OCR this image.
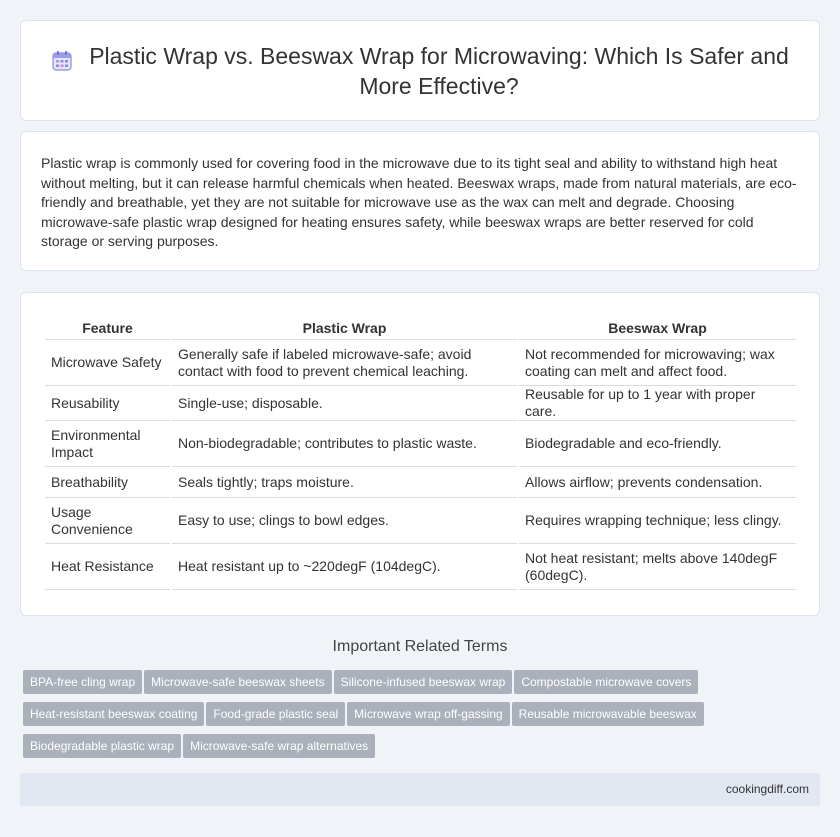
Plastic Wrap vs. Beeswax Wrap for Microwaving: Which Is Safer and More Effective?

Plastic wrap is commonly used for covering food in the microwave due to its tight seal and ability to withstand high heat without melting, but it can release harmful chemicals when heated. Beeswax wraps, made from natural materials, are eco-friendly and breathable, yet they are not suitable for microwave use as the wax can melt and degrade. Choosing microwave-safe plastic wrap designed for heating ensures safety, while beeswax wraps are better reserved for cold storage or serving purposes.

Feature	Plastic Wrap	Beeswax Wrap
Microwave Safety	Generally safe if labeled microwave-safe; avoid contact with food to prevent chemical leaching.	Not recommended for microwaving; wax coating can melt and affect food.
Reusability	Single-use; disposable.	Reusable for up to 1 year with proper care.
Environmental Impact	Non-biodegradable; contributes to plastic waste.	Biodegradable and eco-friendly.
Breathability	Seals tightly; traps moisture.	Allows airflow; prevents condensation.
Usage Convenience	Easy to use; clings to bowl edges.	Requires wrapping technique; less clingy.
Heat Resistance	Heat resistant up to ~220degF (104degC).	Not heat resistant; melts above 140degF (60degC).
Important Related Terms
BPA-free cling wrap Microwave-safe beeswax sheets Silicone-infused beeswax wrap Compostable microwave covers
Heat-resistant beeswax coating Food-grade plastic seal Microwave wrap off-gassing Reusable microwavable beeswax
Biodegradable plastic wrap Microwave-safe wrap alternatives
cookingdiff.com
